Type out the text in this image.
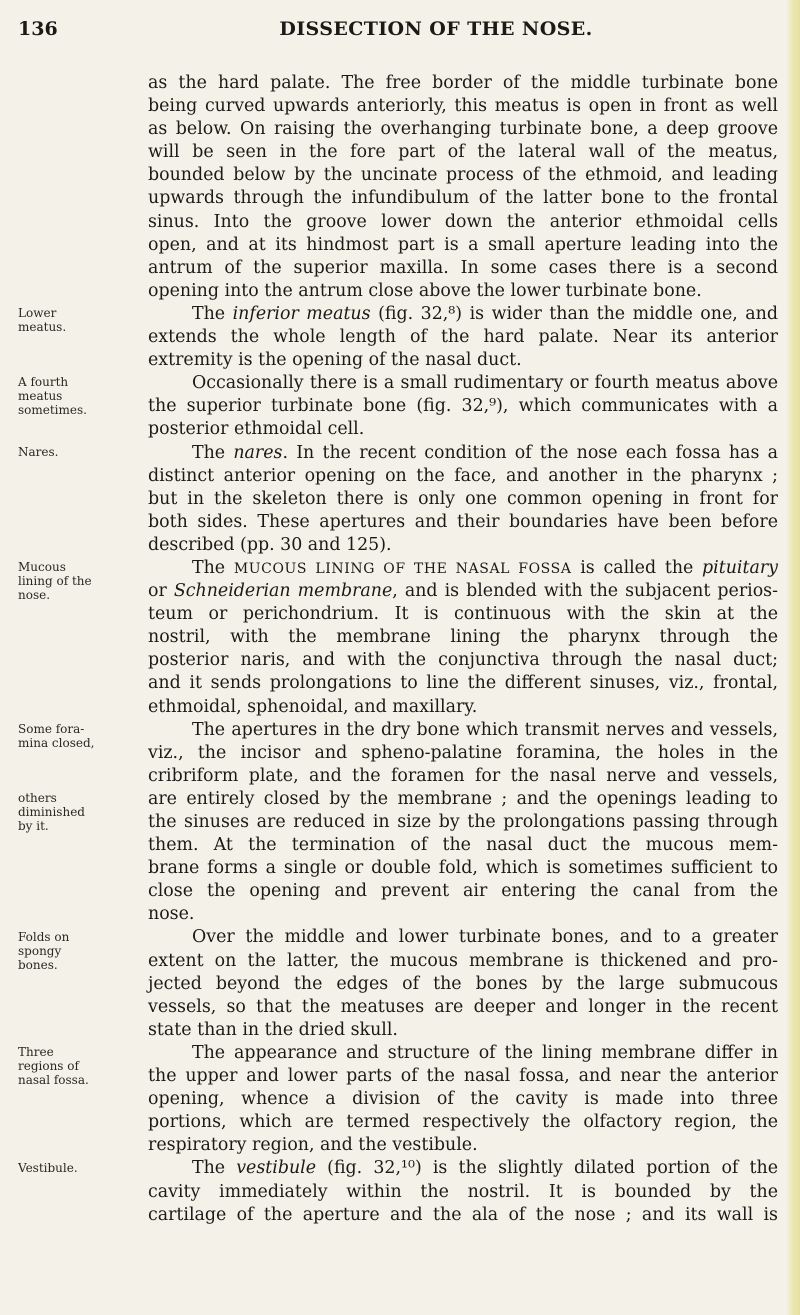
136	DISSECTION OF THE NOSE.
Lower
meatus.
A fourth
meatus
sometimes.
Nares.
Mucous
lining of the
nose.
Some fora-
mina closed,
others
diminished
by it.
Folds on
spongy
bones.
Three
regions of
nasal fossa.
Vestibule.
as the hard palate. The free border of the middle turbinate bone
being curved upwards anteriorly, this meatus is open in front as well
as below. On raising the overhanging turbinate bone, a deep groove
will be seen in the fore part of the lateral wall of the meatus,
bounded below by the uncinate process of the ethmoid, and leading
upwards through the infundibulum of the latter bone to the frontal
sinus. Into the groove lower down the anterior ethmoidal cells
open, and at its hindmost part is a small aperture leading into the
antrum of the superior maxilla. In some cases there is a second
opening into the antrum close above the lower turbinate bone.
The inferior meatus (fig. 32,⁸) is wider than the middle one, and
extends the whole length of the hard palate. Near its anterior
extremity is the opening of the nasal duct.
Occasionally there is a small rudimentary or fourth meatus above
the superior turbinate bone (fig. 32,⁹), which communicates with a
posterior ethmoidal cell.
The nares. In the recent condition of the nose each fossa has a
distinct anterior opening on the face, and another in the pharynx ;
but in the skeleton there is only one common opening in front for
both sides. These apertures and their boundaries have been before
described (pp. 30 and 125).
The MUCOUS LINING OF THE NASAL FOSSA is called the pituitary
or Schneiderian membrane, and is blended with the subjacent perios-
teum or perichondrium. It is continuous with the skin at the
nostril, with the membrane lining the pharynx through the
posterior naris, and with the conjunctiva through the nasal duct;
and it sends prolongations to line the different sinuses, viz., frontal,
ethmoidal, sphenoidal, and maxillary.
The apertures in the dry bone which transmit nerves and vessels,
viz., the incisor and spheno-palatine foramina, the holes in the
cribriform plate, and the foramen for the nasal nerve and vessels,
are entirely closed by the membrane ; and the openings leading to
the sinuses are reduced in size by the prolongations passing through
them. At the termination of the nasal duct the mucous mem-
brane forms a single or double fold, which is sometimes sufficient to
close the opening and prevent air entering the canal from the
nose.
Over the middle and lower turbinate bones, and to a greater
extent on the latter, the mucous membrane is thickened and pro-
jected beyond the edges of the bones by the large submucous
vessels, so that the meatuses are deeper and longer in the recent
state than in the dried skull.
The appearance and structure of the lining membrane differ in
the upper and lower parts of the nasal fossa, and near the anterior
opening, whence a division of the cavity is made into three
portions, which are termed respectively the olfactory region, the
respiratory region, and the vestibule.
The vestibule (fig. 32,¹⁰) is the slightly dilated portion of the
cavity immediately within the nostril. It is bounded by the
cartilage of the aperture and the ala of the nose ; and its wall is
